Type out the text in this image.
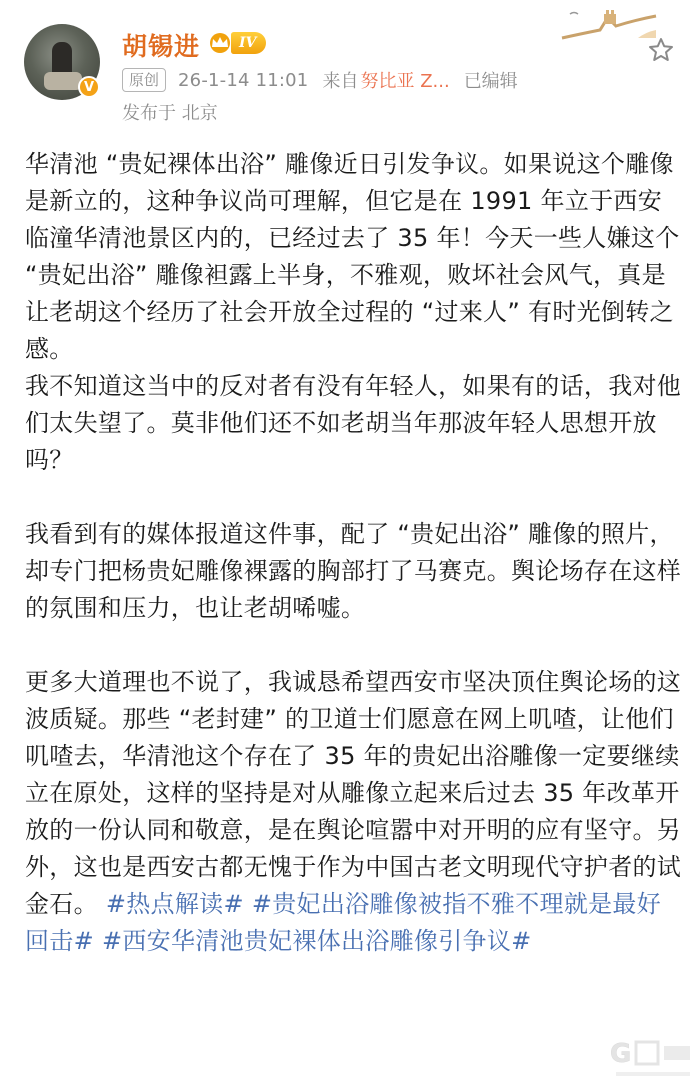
V
胡锡进	IV
原创	26-1-14 11:01 来自 努比亚 Z... 已编辑
发布于 北京

华清池 “贵妃裸体出浴” 雕像近日引发争议。如果说这个雕像是新立的，这种争议尚可理解，但它是在 1991 年立于西安临潼华清池景区内的，已经过去了 35 年！今天一些人嫌这个 “贵妃出浴” 雕像袒露上半身，不雅观，败坏社会风气，真是让老胡这个经历了社会开放全过程的 “过来人” 有时光倒转之感。

我不知道这当中的反对者有没有年轻人，如果有的话，我对他们太失望了。莫非他们还不如老胡当年那波年轻人思想开放吗？

我看到有的媒体报道这件事，配了 “贵妃出浴” 雕像的照片，却专门把杨贵妃雕像裸露的胸部打了马赛克。舆论场存在这样的氛围和压力，也让老胡唏嘘。

更多大道理也不说了，我诚恳希望西安市坚决顶住舆论场的这波质疑。那些 “老封建” 的卫道士们愿意在网上叽喳，让他们叽喳去，华清池这个存在了 35 年的贵妃出浴雕像一定要继续立在原处，这样的坚持是对从雕像立起来后过去 35 年改革开放的一份认同和敬意，是在舆论喧嚣中对开明的应有坚守。另外，这也是西安古都无愧于作为中国古老文明现代守护者的试金石。 #热点解读# #贵妃出浴雕像被指不雅不理就是最好回击# #西安华清池贵妃裸体出浴雕像引争议#

G
